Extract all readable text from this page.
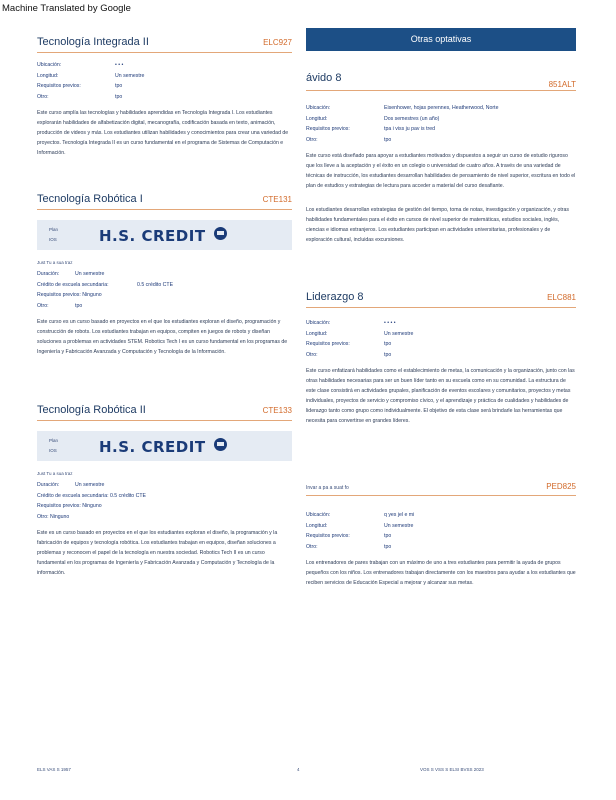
Machine Translated by Google
Tecnología Integrada II	ELC927
Ubicación:	• • •
Longitud:	Un semestre
Requisitos previos:	tpo
Otro:	tpo
Este curso amplía las tecnologías y habilidades aprendidas en Tecnología Integrada I. Los estudiantes explorarán habilidades de alfabetización digital, mecanografía, codificación basada en texto, animación, producción de videos y más. Los estudiantes utilizan habilidades y conocimientos para crear una variedad de proyectos. Tecnología Integrada II es un curso fundamental en el programa de Sistemas de Computación e Información.
Tecnología Robótica I	CTE131
Plan
IOS	H.S. CREDIT
Just Tu a sua traz
Duración:	Un semestre
Crédito de escuela secundaria:	0.5 crédito CTE
Requisitos previos: Ninguno
Otro:	tpo
Este curso es un curso basado en proyectos en el que los estudiantes exploran el diseño, programación y construcción de robots. Los estudiantes trabajan en equipos, compiten en juegos de robots y diseñan soluciones a problemas en actividades STEM. Robotics Tech I es un curso fundamental en los programas de Ingeniería y Fabricación Avanzada y Computación y Tecnología de la Información.
Tecnología Robótica II	CTE133
Plan
IOS	H.S. CREDIT
Just Tu a sua traz
Duración:	Un semestre
Crédito de escuela secundaria: 0.5 crédito CTE
Requisitos previos: Ninguno
Otro: Ninguno
Este es un curso basado en proyectos en el que los estudiantes exploran el diseño, la programación y la fabricación de equipos y tecnología robótica. Los estudiantes trabajan en equipos, diseñan soluciones a problemas y reconocen el papel de la tecnología en nuestra sociedad. Robotics Tech II es un curso fundamental en los programas de Ingeniería y Fabricación Avanzada y Computación y Tecnología de la información.
Otras optativas
ávido 8
851ALT
Ubicación:	Eisenhower, hojas perennes, Heatherwood, Norte
Longitud:	Dos semestres (un año)
Requisitos previos:	tpa i viss ju pav is tred
Otro:	tpo
Este curso está diseñado para apoyar a estudiantes motivados y dispuestos a seguir un curso de estudio riguroso que los lleve a la aceptación y el éxito en un colegio o universidad de cuatro años. A través de una variedad de técnicas de instrucción, los estudiantes desarrollan habilidades de pensamiento de nivel superior, escritura en todo el plan de estudios y estrategias de lectura para acceder a material del curso desafiante.
Los estudiantes desarrollan estrategias de gestión del tiempo, toma de notas, investigación y organización, y otras habilidades fundamentales para el éxito en cursos de nivel superior de matemáticas, estudios sociales, inglés, ciencias e idiomas extranjeros. Los estudiantes participan en actividades universitarias, profesionales y de exploración cultural, incluidas excursiones.
Liderazgo 8	ELC881
Ubicación:	• • • •
Longitud:	Un semestre
Requisitos previos:	tpo
Otro:	tpo
Este curso enfatizará habilidades como el establecimiento de metas, la comunicación y la organización, junto con las otras habilidades necesarias para ser un buen líder tanto en su escuela como en su comunidad. La estructura de este clase consistirá en actividades grupales, planificación de eventos escolares y comunitarios, proyectos y metas individuales, proyectos de servicio y compromiso cívico, y el aprendizaje y práctica de cualidades y habilidades de liderazgo tanto como grupo como individualmente. El objetivo de esta clase será brindarle las herramientas que necesita para convertirse en grandes líderes.
Invar a pa a suat fo	PED825
Ubicación:	q yes jel e mi
Longitud:	Un semestre
Requisitos previos:	tpo
Otro:	tpo
Los entrenadores de pares trabajan con un máximo de uno a tres estudiantes para permitir la ayuda de grupos pequeños con los niños. Los entrenadores trabajan directamente con los maestros para ayudar a los estudiantes que reciben servicios de Educación Especial a mejorar y alcanzar sus metas.
ELS VAS S 1957	4	VOS S VSS S ELSI BVSS 2023
